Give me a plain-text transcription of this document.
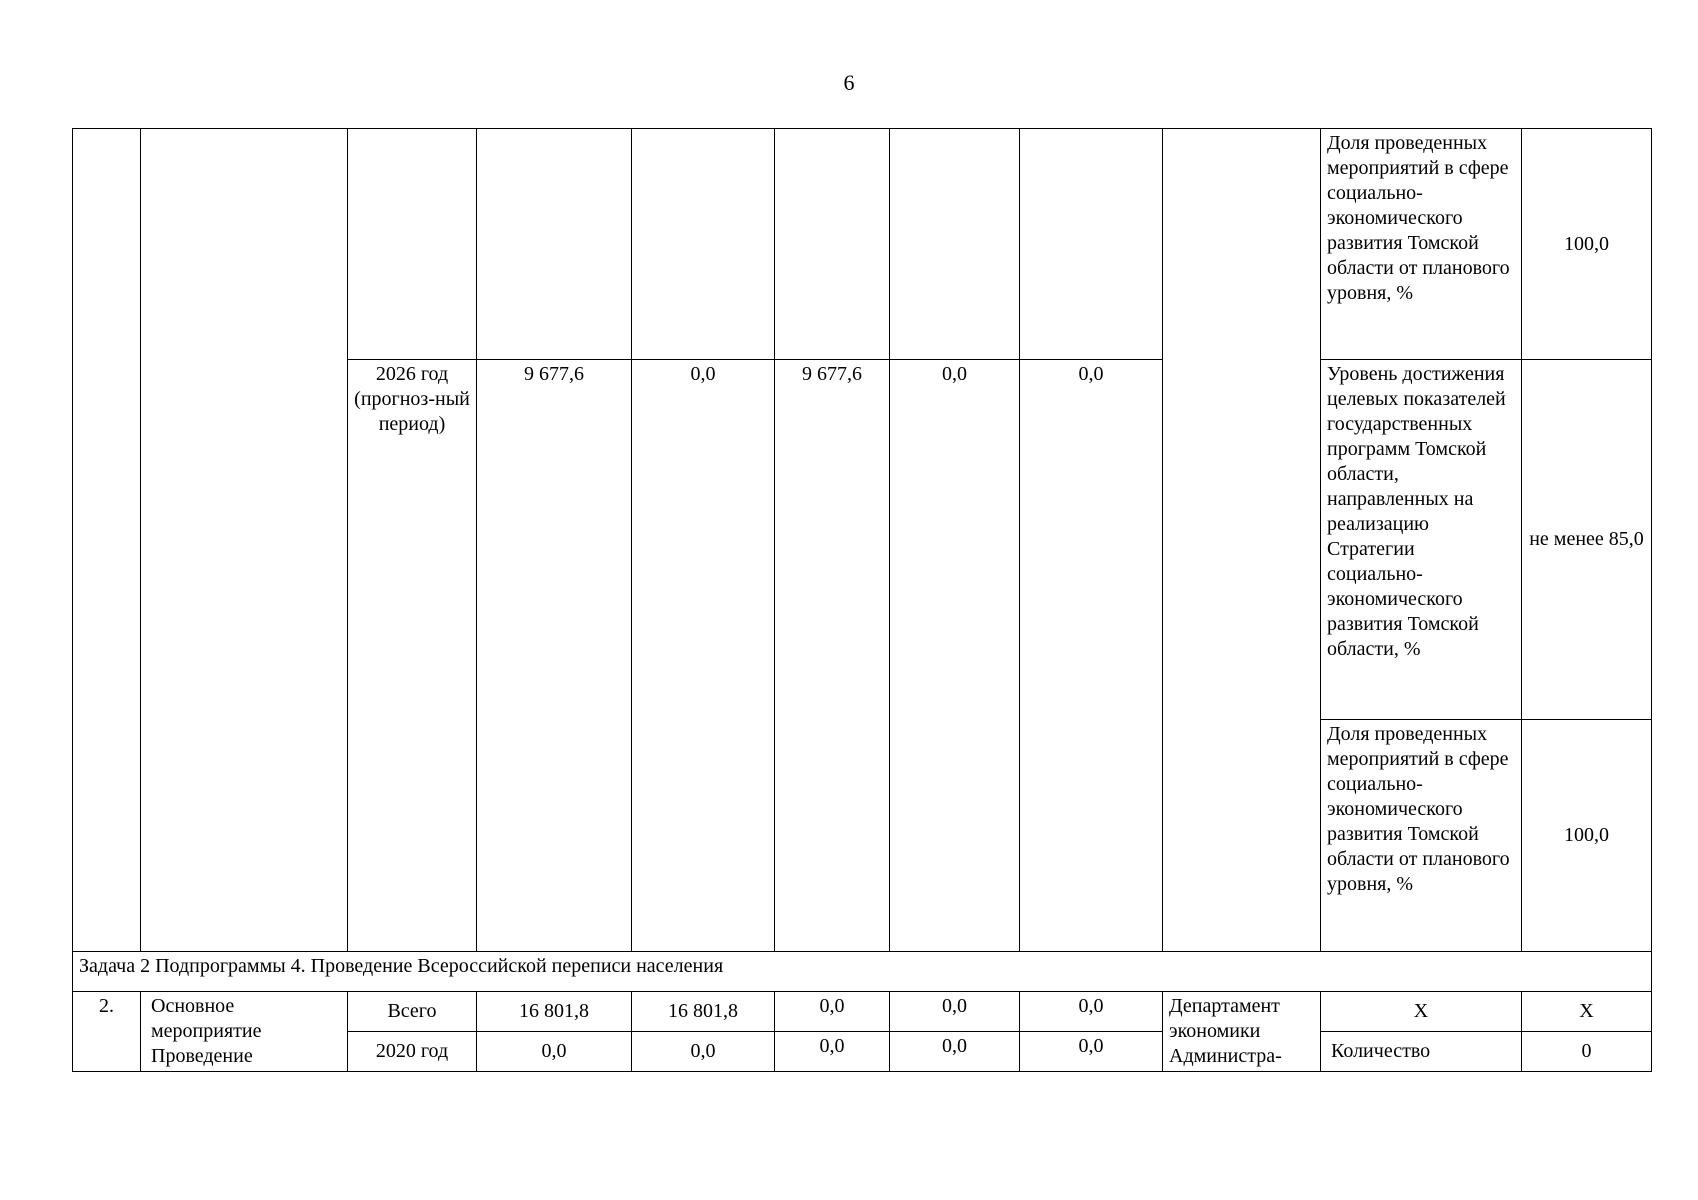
6
									Доля проведенных мероприятий в сфере социально-экономического развития Томской области от планового уровня, %	100,0
		2026 год (прогноз-ный период)	9 677,6	0,0	9 677,6	0,0	0,0		Уровень достижения целевых показателей государственных программ Томской области, направленных на реализацию Стратегии социально-экономического развития Томской области, %	не менее 85,0
									Доля проведенных мероприятий в сфере социально-экономического развития Томской области от планового уровня, %	100,0
Задача 2 Подпрограммы 4. Проведение Всероссийской переписи населения										
2.	Основное мероприятие Проведение	Всего	16 801,8	16 801,8	0,0	0,0	0,0	Департамент экономики Администра-	Х	Х
		2020 год	0,0	0,0	0,0	0,0	0,0		Количество	0
